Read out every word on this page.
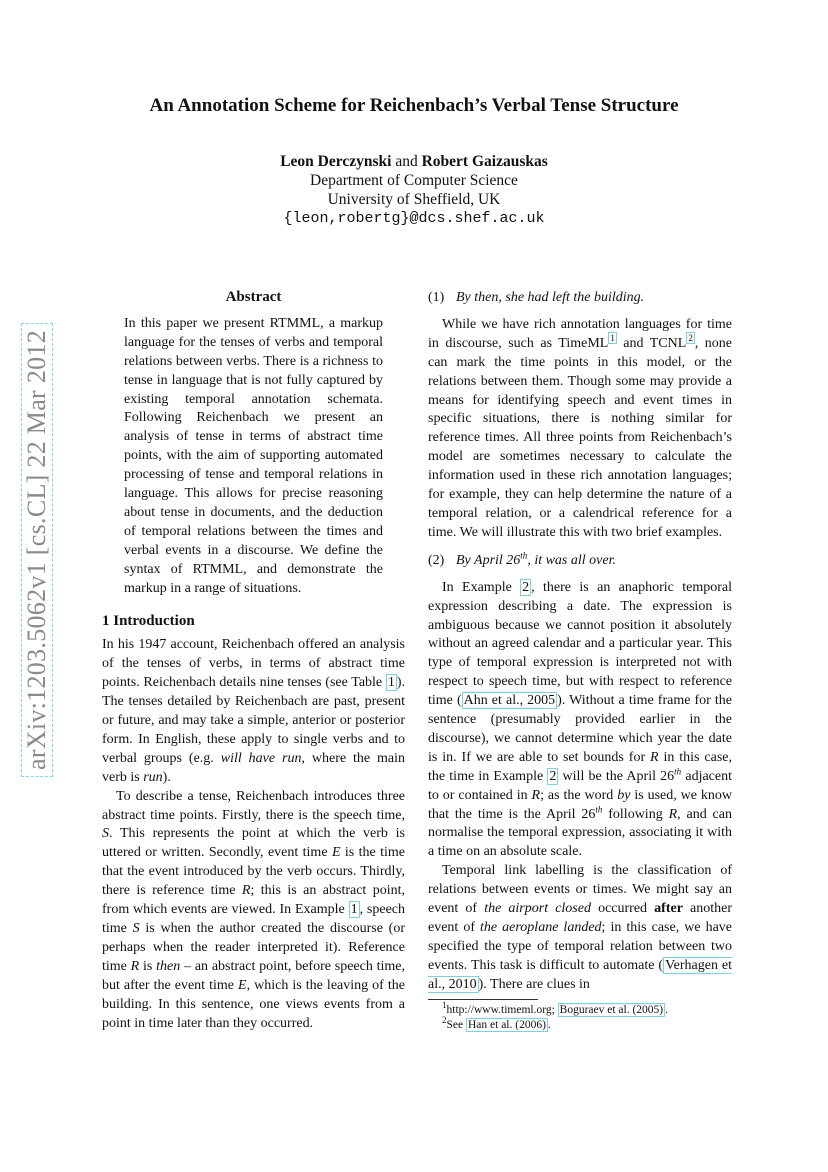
arXiv:1203.5062v1 [cs.CL] 22 Mar 2012
An Annotation Scheme for Reichenbach’s Verbal Tense Structure
Leon Derczynski and Robert Gaizauskas
Department of Computer Science
University of Sheffield, UK
{leon,robertg}@dcs.shef.ac.uk
Abstract

In this paper we present RTMML, a markup language for the tenses of verbs and temporal relations between verbs. There is a richness to tense in language that is not fully captured by existing temporal annotation schemata. Following Reichenbach we present an analysis of tense in terms of abstract time points, with the aim of supporting automated processing of tense and temporal relations in language. This allows for precise reasoning about tense in documents, and the deduction of temporal relations between the times and verbal events in a discourse. We define the syntax of RTMML, and demonstrate the markup in a range of situations.

1 Introduction

In his 1947 account, Reichenbach offered an analysis of the tenses of verbs, in terms of abstract time points. Reichenbach details nine tenses (see Table 1 ). The tenses detailed by Reichenbach are past, present or future, and may take a simple, anterior or posterior form. In English, these apply to single verbs and to verbal groups (e.g. will have run, where the main verb is run).

To describe a tense, Reichenbach introduces three abstract time points. Firstly, there is the speech time, S. This represents the point at which the verb is uttered or written. Secondly, event time E is the time that the event introduced by the verb occurs. Thirdly, there is reference time R; this is an abstract point, from which events are viewed. In Example 1 , speech time S is when the author created the discourse (or perhaps when the reader interpreted it). Reference time R is then – an abstract point, before speech time, but after the event time E, which is the leaving of the building. In this sentence, one views events from a point in time later than they occurred.

(1) By then, she had left the building.

While we have rich annotation languages for time in discourse, such as TimeML $^1$ and TCNL $^2$ , none can mark the time points in this model, or the relations between them. Though some may provide a means for identifying speech and event times in specific situations, there is nothing similar for reference times. All three points from Reichenbach’s model are sometimes necessary to calculate the information used in these rich annotation languages; for example, they can help determine the nature of a temporal relation, or a calendrical reference for a time. We will illustrate this with two brief examples.

(2) By April 26th, it was all over.

In Example 2 , there is an anaphoric temporal expression describing a date. The expression is ambiguous because we cannot position it absolutely without an agreed calendar and a particular year. This type of temporal expression is interpreted not with respect to speech time, but with respect to reference time ( Ahn et al., 2005 ). Without a time frame for the sentence (presumably provided earlier in the discourse), we cannot determine which year the date is in. If we are able to set bounds for R in this case, the time in Example 2 will be the April 26th adjacent to or contained in R; as the word by is used, we know that the time is the April 26th following R, and can normalise the temporal expression, associating it with a time on an absolute scale.

Temporal link labelling is the classification of relations between events or times. We might say an event of the airport closed occurred after another event of the aeroplane landed; in this case, we have specified the type of temporal relation between two events. This task is difficult to automate ( Verhagen et al., 2010 ). There are clues in

$^1$http://www.timeml.org; Boguraev et al. (2005) .
$^2$See Han et al. (2006) .
